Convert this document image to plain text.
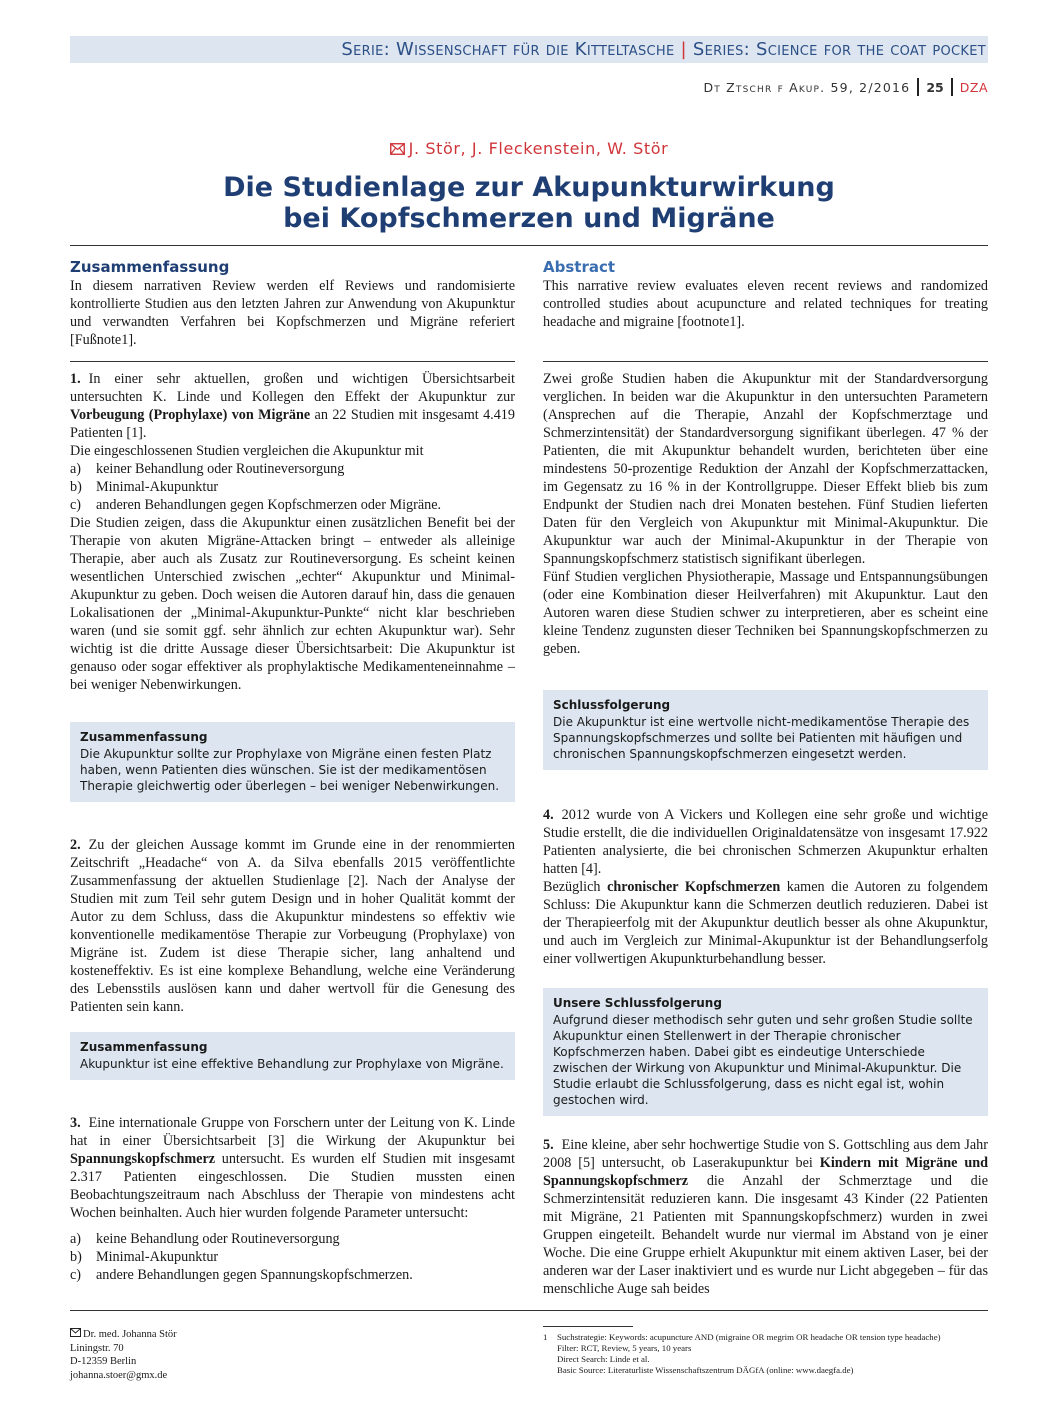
Serie: Wissenschaft für die Kitteltasche | Series: Science for the coat pocket
Dt Ztschr f Akup. 59, 2/2016 25 DZA
J. Stör, J. Fleckenstein, W. Stör
Die Studienlage zur Akupunkturwirkung
bei Kopfschmerzen und Migräne
Zusammenfassung
In diesem narrativen Review werden elf Reviews und randomisierte kontrollierte Studien aus den letzten Jahren zur Anwendung von Akupunktur und verwandten Verfahren bei Kopfschmerzen und Migräne referiert [Fußnote1].
Abstract
This narrative review evaluates eleven recent reviews and randomized controlled studies about acupuncture and related techniques for treating headache and migraine [footnote1].

1. In einer sehr aktuellen, großen und wichtigen Übersichtsarbeit untersuchten K. Linde und Kollegen den Effekt der Akupunktur zur Vorbeugung (Prophylaxe) von Migräne an 22 Studien mit insgesamt 4.419 Patienten [1].

Die eingeschlossenen Studien vergleichen die Akupunktur mit

a)	keiner Behandlung oder Routineversorgung
b) Minimal-Akupunktur
c)	anderen Behandlungen gegen Kopfschmerzen oder Migräne.

Die Studien zeigen, dass die Akupunktur einen zusätzlichen Benefit bei der Therapie von akuten Migräne-Attacken bringt – entweder als alleinige Therapie, aber auch als Zusatz zur Routineversorgung. Es scheint keinen wesentlichen Unterschied zwischen „echter“ Akupunktur und Minimal-Akupunktur zu geben. Doch weisen die Autoren darauf hin, dass die genauen Lokalisationen der „Minimal-Akupunktur-Punkte“ nicht klar beschrieben waren (und sie somit ggf. sehr ähnlich zur echten Akupunktur war). Sehr wichtig ist die dritte Aussage dieser Übersichtsarbeit: Die Akupunktur ist genauso oder sogar effektiver als prophylaktische Medikamenteneinnahme – bei weniger Nebenwirkungen.

Zusammenfassung
Die Akupunktur sollte zur Prophylaxe von Migräne einen festen Platz haben, wenn Patienten dies wünschen. Sie ist der medikamentösen Therapie gleichwertig oder überlegen – bei weniger Nebenwirkungen.

2. Zu der gleichen Aussage kommt im Grunde eine in der renommierten Zeitschrift „Headache“ von A. da Silva ebenfalls 2015 veröffentlichte Zusammenfassung der aktuellen Studienlage [2]. Nach der Analyse der Studien mit zum Teil sehr gutem Design und in hoher Qualität kommt der Autor zu dem Schluss, dass die Akupunktur mindestens so effektiv wie konventionelle medikamentöse Therapie zur Vorbeugung (Prophylaxe) von Migräne ist. Zudem ist diese Therapie sicher, lang anhaltend und kosteneffektiv. Es ist eine komplexe Behandlung, welche eine Veränderung des Lebensstils auslösen kann und daher wertvoll für die Genesung des Patienten sein kann.

Zusammenfassung
Akupunktur ist eine effektive Behandlung zur Prophylaxe von Migräne.

3. Eine internationale Gruppe von Forschern unter der Leitung von K. Linde hat in einer Übersichtsarbeit [3] die Wirkung der Akupunktur bei Spannungskopfschmerz untersucht. Es wurden elf Studien mit insgesamt 2.317 Patienten eingeschlossen. Die Studien mussten einen Beobachtungszeitraum nach Abschluss der Therapie von mindestens acht Wochen beinhalten. Auch hier wurden folgende Parameter untersucht:

a)	keine Behandlung oder Routineversorgung
b) Minimal-Akupunktur
c)	andere Behandlungen gegen Spannungskopfschmerzen.

Zwei große Studien haben die Akupunktur mit der Standardversorgung verglichen. In beiden war die Akupunktur in den untersuchten Parametern (Ansprechen auf die Therapie, Anzahl der Kopfschmerztage und Schmerzintensität) der Standardversorgung signifikant überlegen. 47 % der Patienten, die mit Akupunktur behandelt wurden, berichteten über eine mindestens 50-prozentige Reduktion der Anzahl der Kopfschmerzattacken, im Gegensatz zu 16 % in der Kontrollgruppe. Dieser Effekt blieb bis zum Endpunkt der Studien nach drei Monaten bestehen. Fünf Studien lieferten Daten für den Vergleich von Akupunktur mit Minimal-Akupunktur. Die Akupunktur war auch der Minimal-Akupunktur in der Therapie von Spannungskopfschmerz statistisch signifikant überlegen.

Fünf Studien verglichen Physiotherapie, Massage und Entspannungsübungen (oder eine Kombination dieser Heilverfahren) mit Akupunktur. Laut den Autoren waren diese Studien schwer zu interpretieren, aber es scheint eine kleine Tendenz zugunsten dieser Techniken bei Spannungskopfschmerzen zu geben.

Schlussfolgerung
Die Akupunktur ist eine wertvolle nicht-medikamentöse Therapie des Spannungskopfschmerzes und sollte bei Patienten mit häufigen und chronischen Spannungskopfschmerzen eingesetzt werden.

4. 2012 wurde von A Vickers und Kollegen eine sehr große und wichtige Studie erstellt, die die individuellen Originaldatensätze von insgesamt 17.922 Patienten analysierte, die bei chronischen Schmerzen Akupunktur erhalten hatten [4].

Bezüglich chronischer Kopfschmerzen kamen die Autoren zu folgendem Schluss: Die Akupunktur kann die Schmerzen deutlich reduzieren. Dabei ist der Therapieerfolg mit der Akupunktur deutlich besser als ohne Akupunktur, und auch im Vergleich zur Minimal-Akupunktur ist der Behandlungserfolg einer vollwertigen Akupunkturbehandlung besser.

Unsere Schlussfolgerung
Aufgrund dieser methodisch sehr guten und sehr großen Studie sollte Akupunktur einen Stellenwert in der Therapie chronischer Kopfschmerzen haben. Dabei gibt es eindeutige Unterschiede zwischen der Wirkung von Akupunktur und Minimal-Akupunktur. Die Studie erlaubt die Schlussfolgerung, dass es nicht egal ist, wohin gestochen wird.

5. Eine kleine, aber sehr hochwertige Studie von S. Gottschling aus dem Jahr 2008 [5] untersucht, ob Laserakupunktur bei Kindern mit Migräne und Spannungskopfschmerz die Anzahl der Schmerztage und die Schmerzintensität reduzieren kann. Die insgesamt 43 Kinder (22 Patienten mit Migräne, 21 Patienten mit Spannungskopfschmerz) wurden in zwei Gruppen eingeteilt. Behandelt wurde nur viermal im Abstand von je einer Woche. Die eine Gruppe erhielt Akupunktur mit einem aktiven Laser, bei der anderen war der Laser inaktiviert und es wurde nur Licht abgegeben – für das menschliche Auge sah beides

Dr. med. Johanna Stör
Liningstr. 70
D-12359 Berlin
johanna.stoer@gmx.de
1	Suchstrategie: Keywords: acupuncture AND (migraine OR megrim OR headache OR tension type headache)
Filter: RCT, Review, 5 years, 10 years
Direct Search: Linde et al.
Basic Source: Literaturliste Wissenschaftszentrum DÄGfA (online: www.daegfa.de)
